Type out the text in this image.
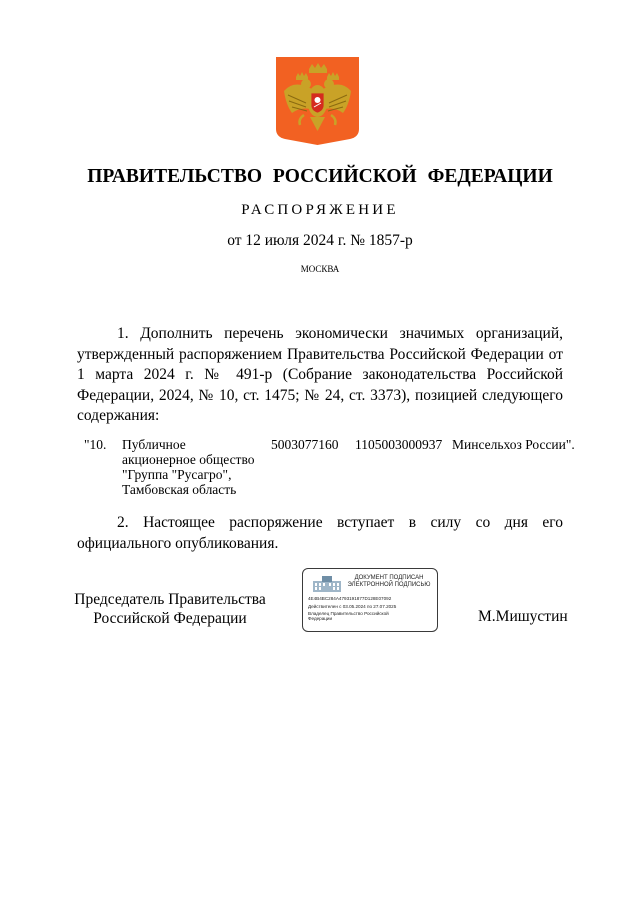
ПРАВИТЕЛЬСТВО РОССИЙСКОЙ ФЕДЕРАЦИИ
РАСПОРЯЖЕНИЕ
от 12 июля 2024 г. № 1857-р
МОСКВА

1. Дополнить перечень экономически значимых организаций, утвержденный распоряжением Правительства Российской Федерации от 1 марта 2024 г. № 491-р (Собрание законодательства Российской Федерации, 2024, № 10, ст. 1475; № 24, ст. 3373), позицией следующего содержания:

"10. Публичное
акционерное общество
"Группа "Русагро",
Тамбовская область
5003077160 1105003000937 Минсельхоз России".

2. Настоящее распоряжение вступает в силу со дня его официального опубликования.

Председатель Правительства
Российской Федерации
ДОКУМЕНТ ПОДПИСАН
ЭЛЕКТРОННОЙ ПОДПИСЬЮ
4E4B4BC284A4793191877D128E07092
Действителен с 03.05.2024 по 27.07.2025
Владелец Правительство Российской Федерации	М.Мишустин
